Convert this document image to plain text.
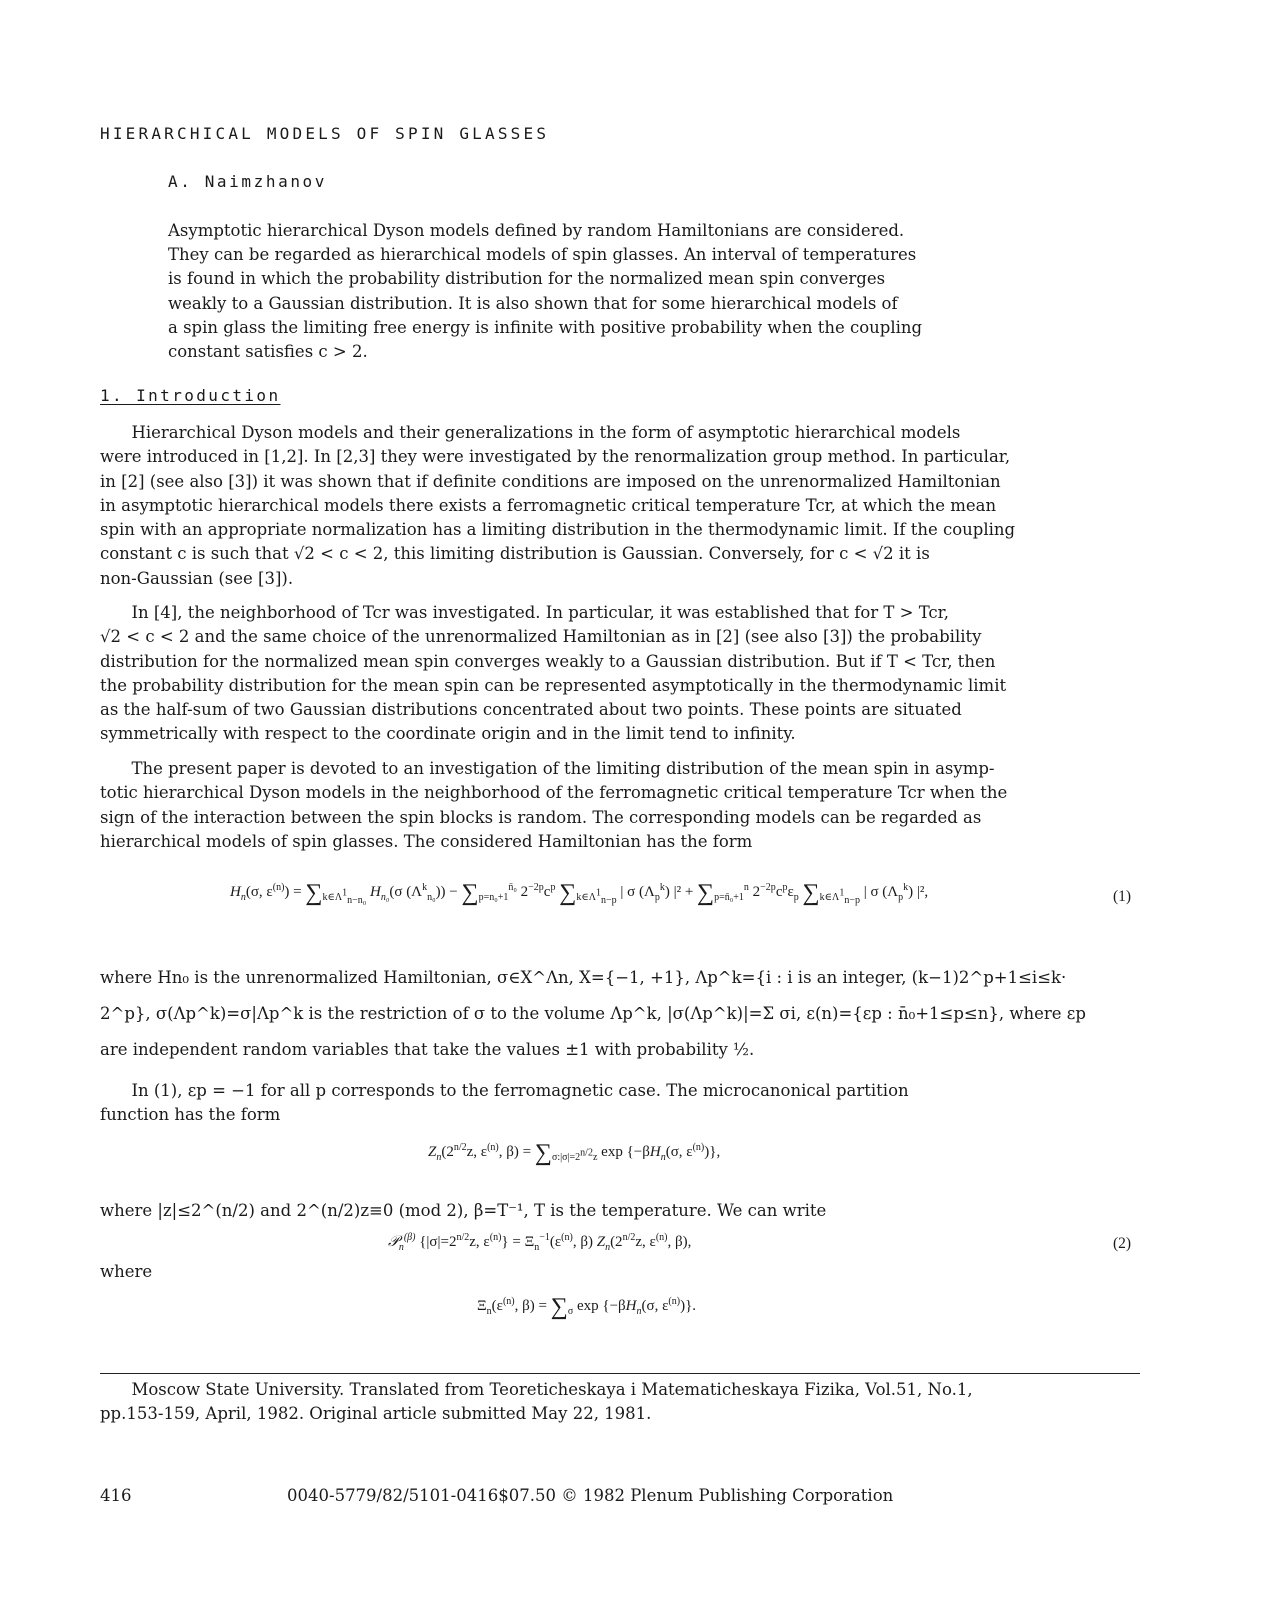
HIERARCHICAL MODELS OF SPIN GLASSES
A. Naimzhanov
Asymptotic hierarchical Dyson models defined by random Hamiltonians are considered.
They can be regarded as hierarchical models of spin glasses. An interval of temperatures
is found in which the probability distribution for the normalized mean spin converges
weakly to a Gaussian distribution. It is also shown that for some hierarchical models of
a spin glass the limiting free energy is infinite with positive probability when the coupling
constant satisfies c > 2.
1. Introduction
Hierarchical Dyson models and their generalizations in the form of asymptotic hierarchical models
were introduced in [1,2]. In [2,3] they were investigated by the renormalization group method. In particular,
in [2] (see also [3]) it was shown that if definite conditions are imposed on the unrenormalized Hamiltonian
in asymptotic hierarchical models there exists a ferromagnetic critical temperature Tcr, at which the mean
spin with an appropriate normalization has a limiting distribution in the thermodynamic limit. If the coupling
constant c is such that √2 < c < 2, this limiting distribution is Gaussian. Conversely, for c < √2 it is
non-Gaussian (see [3]).
In [4], the neighborhood of Tcr was investigated. In particular, it was established that for T > Tcr,
√2 < c < 2 and the same choice of the unrenormalized Hamiltonian as in [2] (see also [3]) the probability
distribution for the normalized mean spin converges weakly to a Gaussian distribution. But if T < Tcr, then
the probability distribution for the mean spin can be represented asymptotically in the thermodynamic limit
as the half-sum of two Gaussian distributions concentrated about two points. These points are situated
symmetrically with respect to the coordinate origin and in the limit tend to infinity.
The present paper is devoted to an investigation of the limiting distribution of the mean spin in asymp-
totic hierarchical Dyson models in the neighborhood of the ferromagnetic critical temperature Tcr when the
sign of the interaction between the spin blocks is random. The corresponding models can be regarded as
hierarchical models of spin glasses. The considered Hamiltonian has the form
$H_n(\sigma$, $\varepsilon^{(n)}) = \sum_{k\in\Lambda^1_{n-n_0}}$ $H_{n_0}(\sigma$ $(\Lambda^k_{n_0})) - \sum_{p=n_0+1}^{n̄_0}$ $2^{-2p}c^p$ $\sum_{k\in\Lambda^1_{n-p}}$ | σ $(\Lambda_p^k) |^2 + \sum_{p=n̄_0+1}^n$ $2^{-2p}c^p\varepsilon_p$ $\sum_{k\in\Lambda^1_{n-p}}$ | σ $(\Lambda_p^k)$ |²,	(1)
where Hn₀ is the unrenormalized Hamiltonian, σ∈X^Λn, X={−1, +1}, Λp^k={i : i is an integer, (k−1)2^p+1≤i≤k·
2^p}, σ(Λp^k)=σ|Λp^k is the restriction of σ to the volume Λp^k, |σ(Λp^k)|=Σ σi, ε(n)={εp : n̄₀+1≤p≤n}, where εp
are independent random variables that take the values ±1 with probability ½.
In (1), εp = −1 for all p corresponds to the ferromagnetic case. The microcanonical partition
function has the form
$Z_n(2^{n/2}z$, $\varepsilon^{(n)}$, $\beta) = \sum_{\sigma:|\sigma|=2^{n/2}z}$ $\exp \{-\beta H_n(\sigma$, $\varepsilon^{(n)}$)},
where |z|≤2^(n/2) and 2^(n/2)z≡0 (mod 2), β=T⁻¹, T is the temperature. We can write
𝒫$_n^{(\beta)}$ {$|\sigma|=2^{n/2}z$, $\varepsilon^{(n)}\} = \Xi_n^{-1}(\varepsilon^{(n)}$, β) $Z_n(2^{n/2}z$, $\varepsilon^{(n)}$, β),	(2)
where
$\Xi_n(\varepsilon^{(n)}$, $\beta) = \sum_\sigma$ $\exp \{-\beta H_n(\sigma$, $\varepsilon^{(n)}$)}.
Moscow State University. Translated from Teoreticheskaya i Matematicheskaya Fizika, Vol.51, No.1,
pp.153-159, April, 1982. Original article submitted May 22, 1981.
416	0040-5779/82/5101-0416$07.50 © 1982 Plenum Publishing Corporation
